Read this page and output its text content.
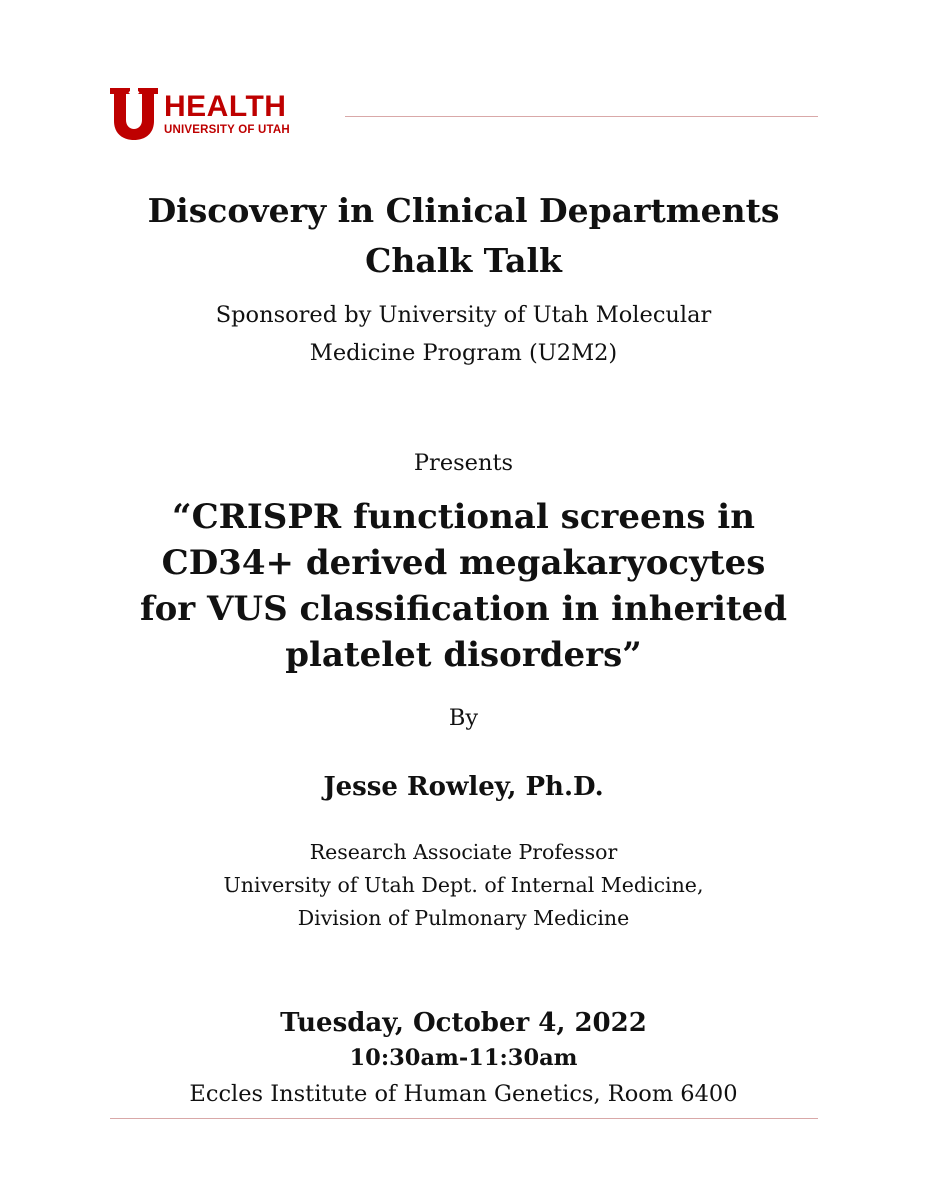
HEALTH
UNIVERSITY OF UTAH
Discovery in Clinical Departments
Chalk Talk
Sponsored by University of Utah Molecular
Medicine Program (U2M2)
Presents
“CRISPR functional screens in
CD34+ derived megakaryocytes
for VUS classification in inherited
platelet disorders”
By
Jesse Rowley, Ph.D.
Research Associate Professor
University of Utah Dept. of Internal Medicine,
Division of Pulmonary Medicine
Tuesday, October 4, 2022
10:30am-11:30am
Eccles Institute of Human Genetics, Room 6400
